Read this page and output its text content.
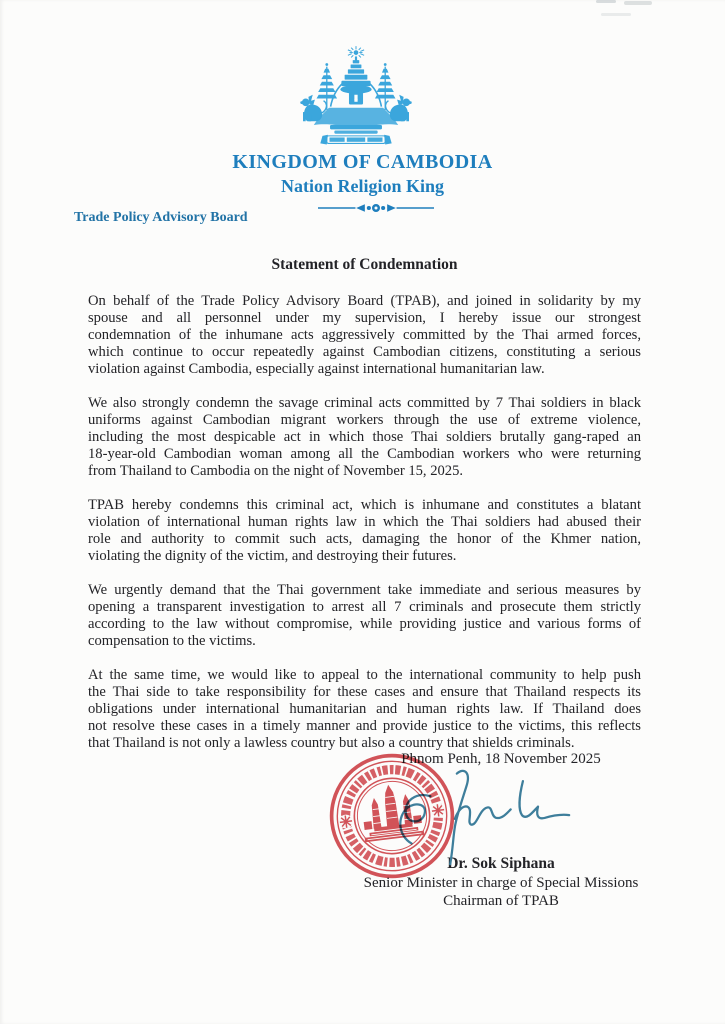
KINGDOM OF CAMBODIA
Nation Religion King
Trade Policy Advisory Board
Statement of Condemnation
On behalf of the Trade Policy Advisory Board (TPAB), and joined in solidarity by my
spouse and all personnel under my supervision, I hereby issue our strongest
condemnation of the inhumane acts aggressively committed by the Thai armed forces,
which continue to occur repeatedly against Cambodian citizens, constituting a serious
violation against Cambodia, especially against international humanitarian law.
We also strongly condemn the savage criminal acts committed by 7 Thai soldiers in black
uniforms against Cambodian migrant workers through the use of extreme violence,
including the most despicable act in which those Thai soldiers brutally gang-raped an
18-year-old Cambodian woman among all the Cambodian workers who were returning
from Thailand to Cambodia on the night of November 15, 2025.
TPAB hereby condemns this criminal act, which is inhumane and constitutes a blatant
violation of international human rights law in which the Thai soldiers had abused their
role and authority to commit such acts, damaging the honor of the Khmer nation,
violating the dignity of the victim, and destroying their futures.
We urgently demand that the Thai government take immediate and serious measures by
opening a transparent investigation to arrest all 7 criminals and prosecute them strictly
according to the law without compromise, while providing justice and various forms of
compensation to the victims.
At the same time, we would like to appeal to the international community to help push
the Thai side to take responsibility for these cases and ensure that Thailand respects its
obligations under international humanitarian and human rights law. If Thailand does
not resolve these cases in a timely manner and provide justice to the victims, this reflects
that Thailand is not only a lawless country but also a country that shields criminals.
Phnom Penh, 18 November 2025
Dr. Sok Siphana
Senior Minister in charge of Special Missions
Chairman of TPAB
